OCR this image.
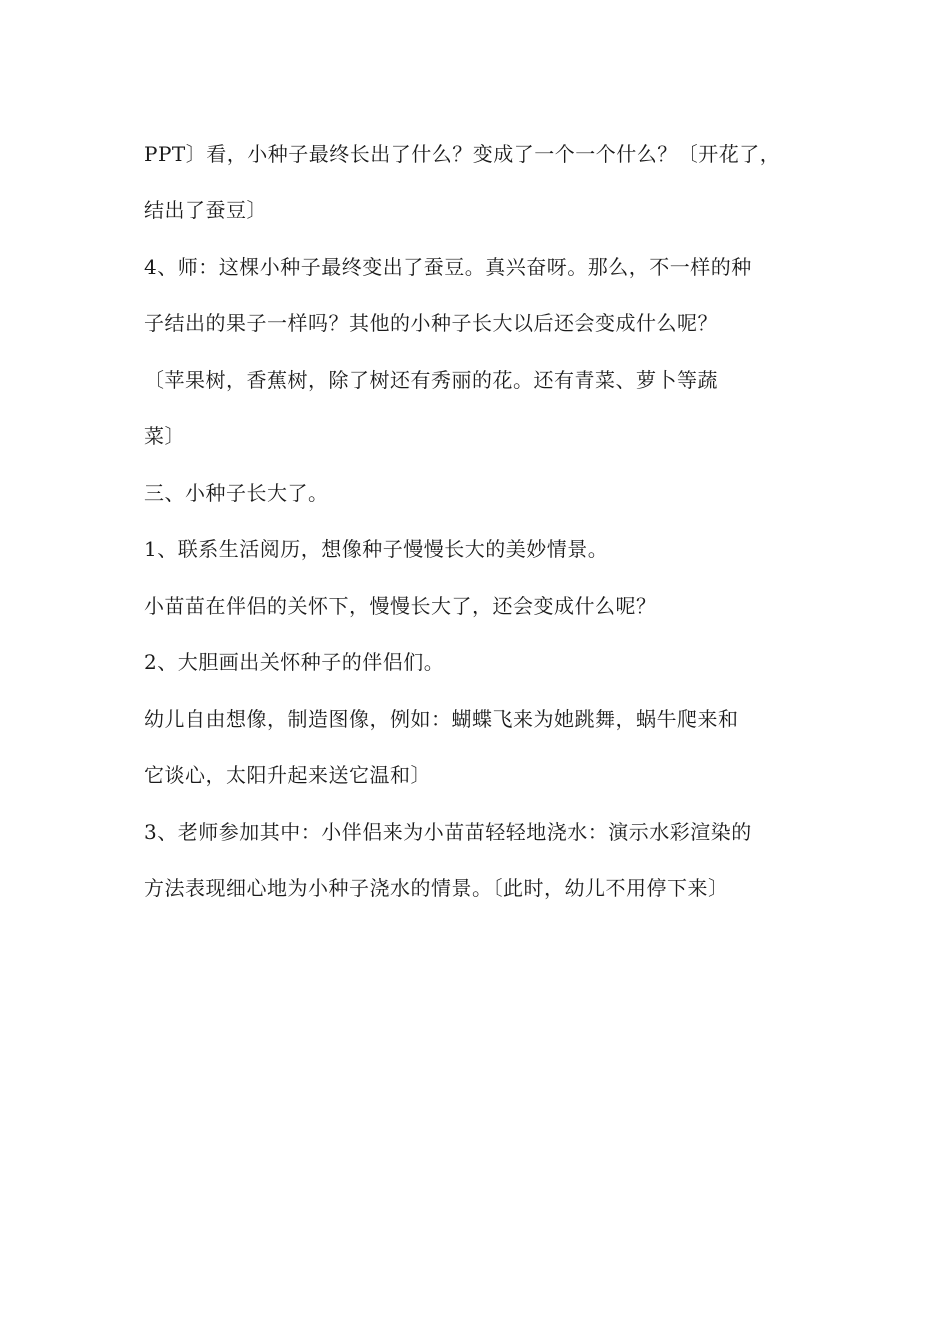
PPT〕看，小种子最终长出了什么？变成了一个一个什么？〔开花了，
结出了蚕豆〕
4、师：这棵小种子最终变出了蚕豆。真兴奋呀。那么，不一样的种
子结出的果子一样吗？其他的小种子长大以后还会变成什么呢？
〔苹果树，香蕉树，除了树还有秀丽的花。还有青菜、萝卜等蔬
菜〕
三、小种子长大了。
1、联系生活阅历，想像种子慢慢长大的美妙情景。
小苗苗在伴侣的关怀下，慢慢长大了，还会变成什么呢？
2、大胆画出关怀种子的伴侣们。
幼儿自由想像，制造图像，例如：蝴蝶飞来为她跳舞，蜗牛爬来和
它谈心，太阳升起来送它温和〕
3、老师参加其中：小伴侣来为小苗苗轻轻地浇水：演示水彩渲染的
方法表现细心地为小种子浇水的情景。〔此时，幼儿不用停下来〕
